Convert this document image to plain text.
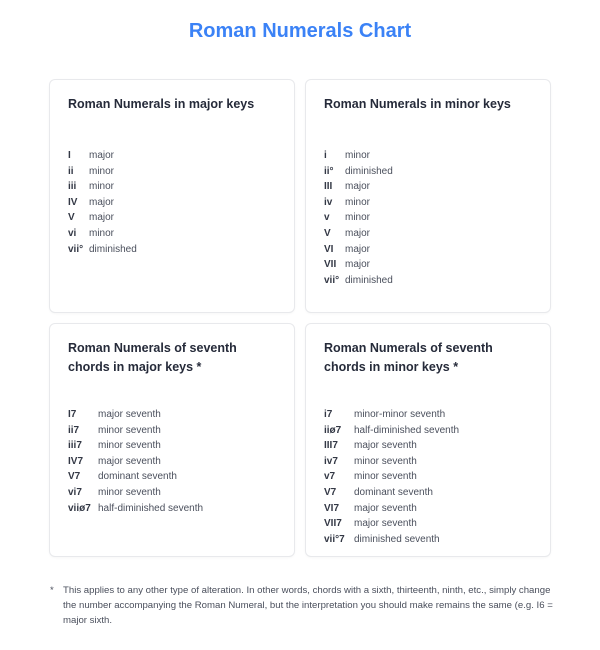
Roman Numerals Chart
Roman Numerals in major keys
I	major
ii	minor
iii	minor
IV	major
V	major
vi	minor
vii° diminished
Roman Numerals in minor keys
i	minor
ii°	diminished
III	major
iv	minor
v	minor
V	major
VI	major
VII major
vii° diminished
Roman Numerals of seventh chords in major keys *
I7	major seventh
ii7	minor seventh
iii7	minor seventh
IV7	major seventh
V7	dominant seventh
vi7	minor seventh
viiø7 half-diminished seventh
Roman Numerals of seventh chords in minor keys *
i7	minor-minor seventh
iiø7	half-diminished seventh
III7	major seventh
iv7	minor seventh
v7	minor seventh
V7	dominant seventh
VI7	major seventh
VII7	major seventh
vii°7 diminished seventh
* This applies to any other type of alteration. In other words, chords with a sixth, thirteenth, ninth, etc., simply change the number accompanying the Roman Numeral, but the interpretation you should make remains the same (e.g. I6 = major sixth.
